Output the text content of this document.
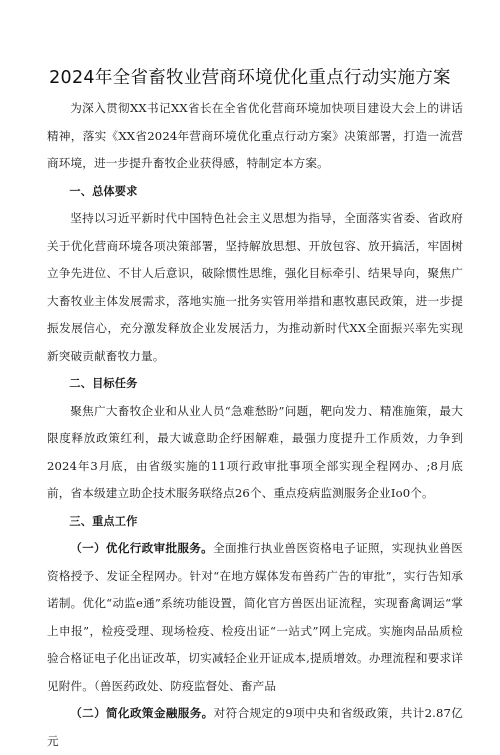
2024年全省畜牧业营商环境优化重点行动实施方案

为深入贯彻XX书记XX省长在全省优化营商环境加快项目建设大会上的讲话精神，落实《XX省2024年营商环境优化重点行动方案》决策部署，打造一流营商环境，进一步提升畜牧企业获得感，特制定本方案。

一、总体要求

坚持以习近平新时代中国特色社会主义思想为指导，全面落实省委、省政府关于优化营商环境各项决策部署，坚持解放思想、开放包容、放开搞活，牢固树立争先进位、不甘人后意识，破除惯性思维，强化目标牵引、结果导向，聚焦广大畜牧业主体发展需求，落地实施一批务实管用举措和惠牧惠民政策，进一步提振发展信心，充分激发释放企业发展活力，为推动新时代XX全面振兴率先实现新突破贡献畜牧力量。

二、目标任务

聚焦广大畜牧企业和从业人员“急难愁盼”问题，靶向发力、精准施策，最大限度释放政策红利，最大诚意助企纾困解难，最强力度提升工作质效，力争到2024年3月底，由省级实施的11项行政审批事项全部实现全程网办、;8月底前，省本级建立助企技术服务联络点26个、重点疫病监测服务企业Io0个。

三、重点工作

（一）优化行政审批服务。全面推行执业兽医资格电子证照，实现执业兽医资格授予、发证全程网办。针对“在地方媒体发布兽药广告的审批”，实行告知承诺制。优化“动监e通”系统功能设置，简化官方兽医出证流程，实现畜禽调运“掌上申报”，检疫受理、现场检疫、检疫出证“一站式”网上完成。实施肉品品质检验合格证电子化出证改革，切实减轻企业开证成本,提质增效。办理流程和要求详见附件。（兽医药政处、防疫监督处、畜产品

（二）简化政策金融服务。对符合规定的9项中央和省级政策，共计2.87亿元
